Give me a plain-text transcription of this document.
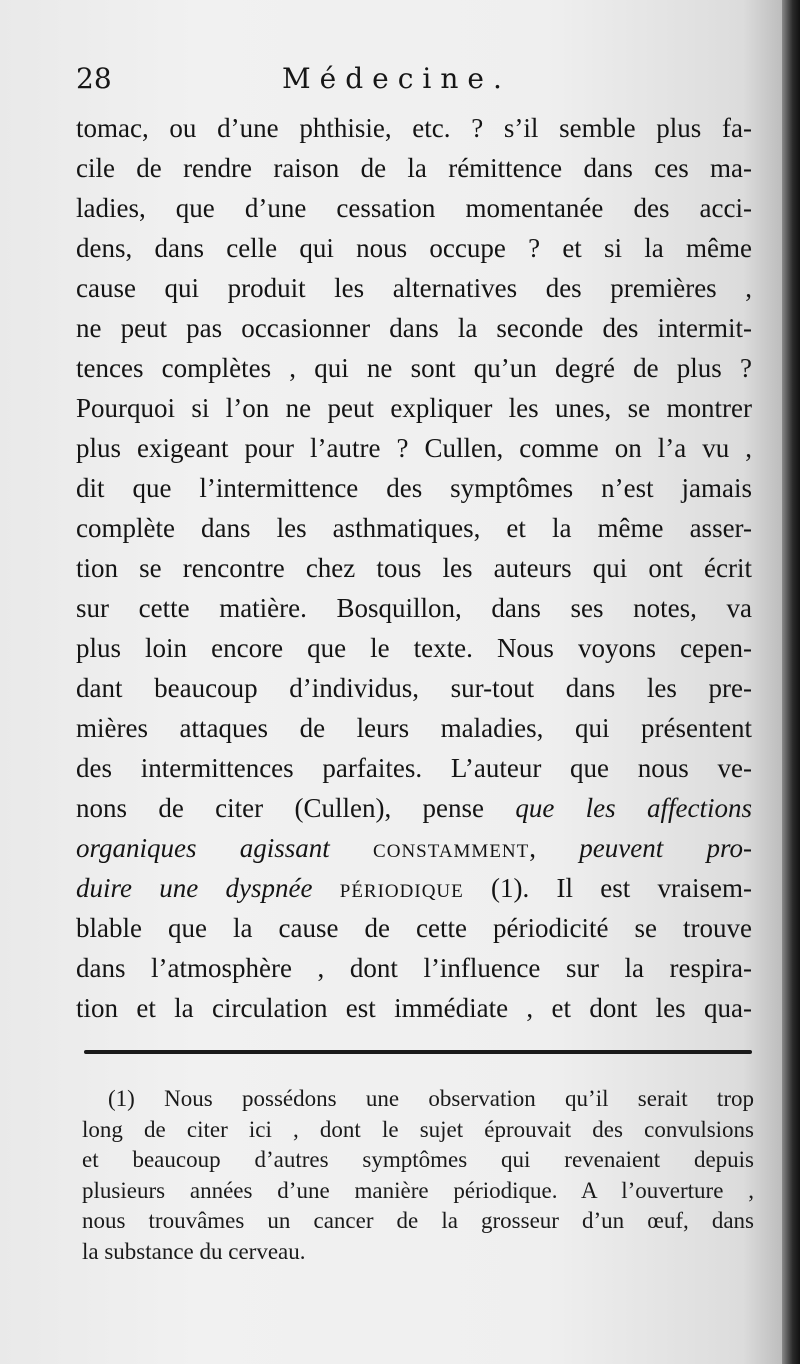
28	Médecine.
tomac, ou d’une phthisie, etc. ? s’il semble plus fa-
cile de rendre raison de la rémittence dans ces ma-
ladies, que d’une cessation momentanée des acci-
dens, dans celle qui nous occupe ? et si la même
cause qui produit les alternatives des premières ,
ne peut pas occasionner dans la seconde des intermit-
tences complètes , qui ne sont qu’un degré de plus ?
Pourquoi si l’on ne peut expliquer les unes, se montrer
plus exigeant pour l’autre ? Cullen, comme on l’a vu ,
dit que l’intermittence des symptômes n’est jamais
complète dans les asthmatiques, et la même asser-
tion se rencontre chez tous les auteurs qui ont écrit
sur cette matière. Bosquillon, dans ses notes, va
plus loin encore que le texte. Nous voyons cepen-
dant beaucoup d’individus, sur-tout dans les pre-
mières attaques de leurs maladies, qui présentent
des intermittences parfaites. L’auteur que nous ve-
nons de citer (Cullen), pense que les affections
organiques agissant constamment, peuvent pro-
duire une dyspnée périodique (1). Il est vraisem-
blable que la cause de cette périodicité se trouve
dans l’atmosphère , dont l’influence sur la respira-
tion et la circulation est immédiate , et dont les qua-
(1) Nous possédons une observation qu’il serait trop
long de citer ici , dont le sujet éprouvait des convulsions
et beaucoup d’autres symptômes qui revenaient depuis
plusieurs années d’une manière périodique. A l’ouverture ,
nous trouvâmes un cancer de la grosseur d’un œuf, dans
la substance du cerveau.
